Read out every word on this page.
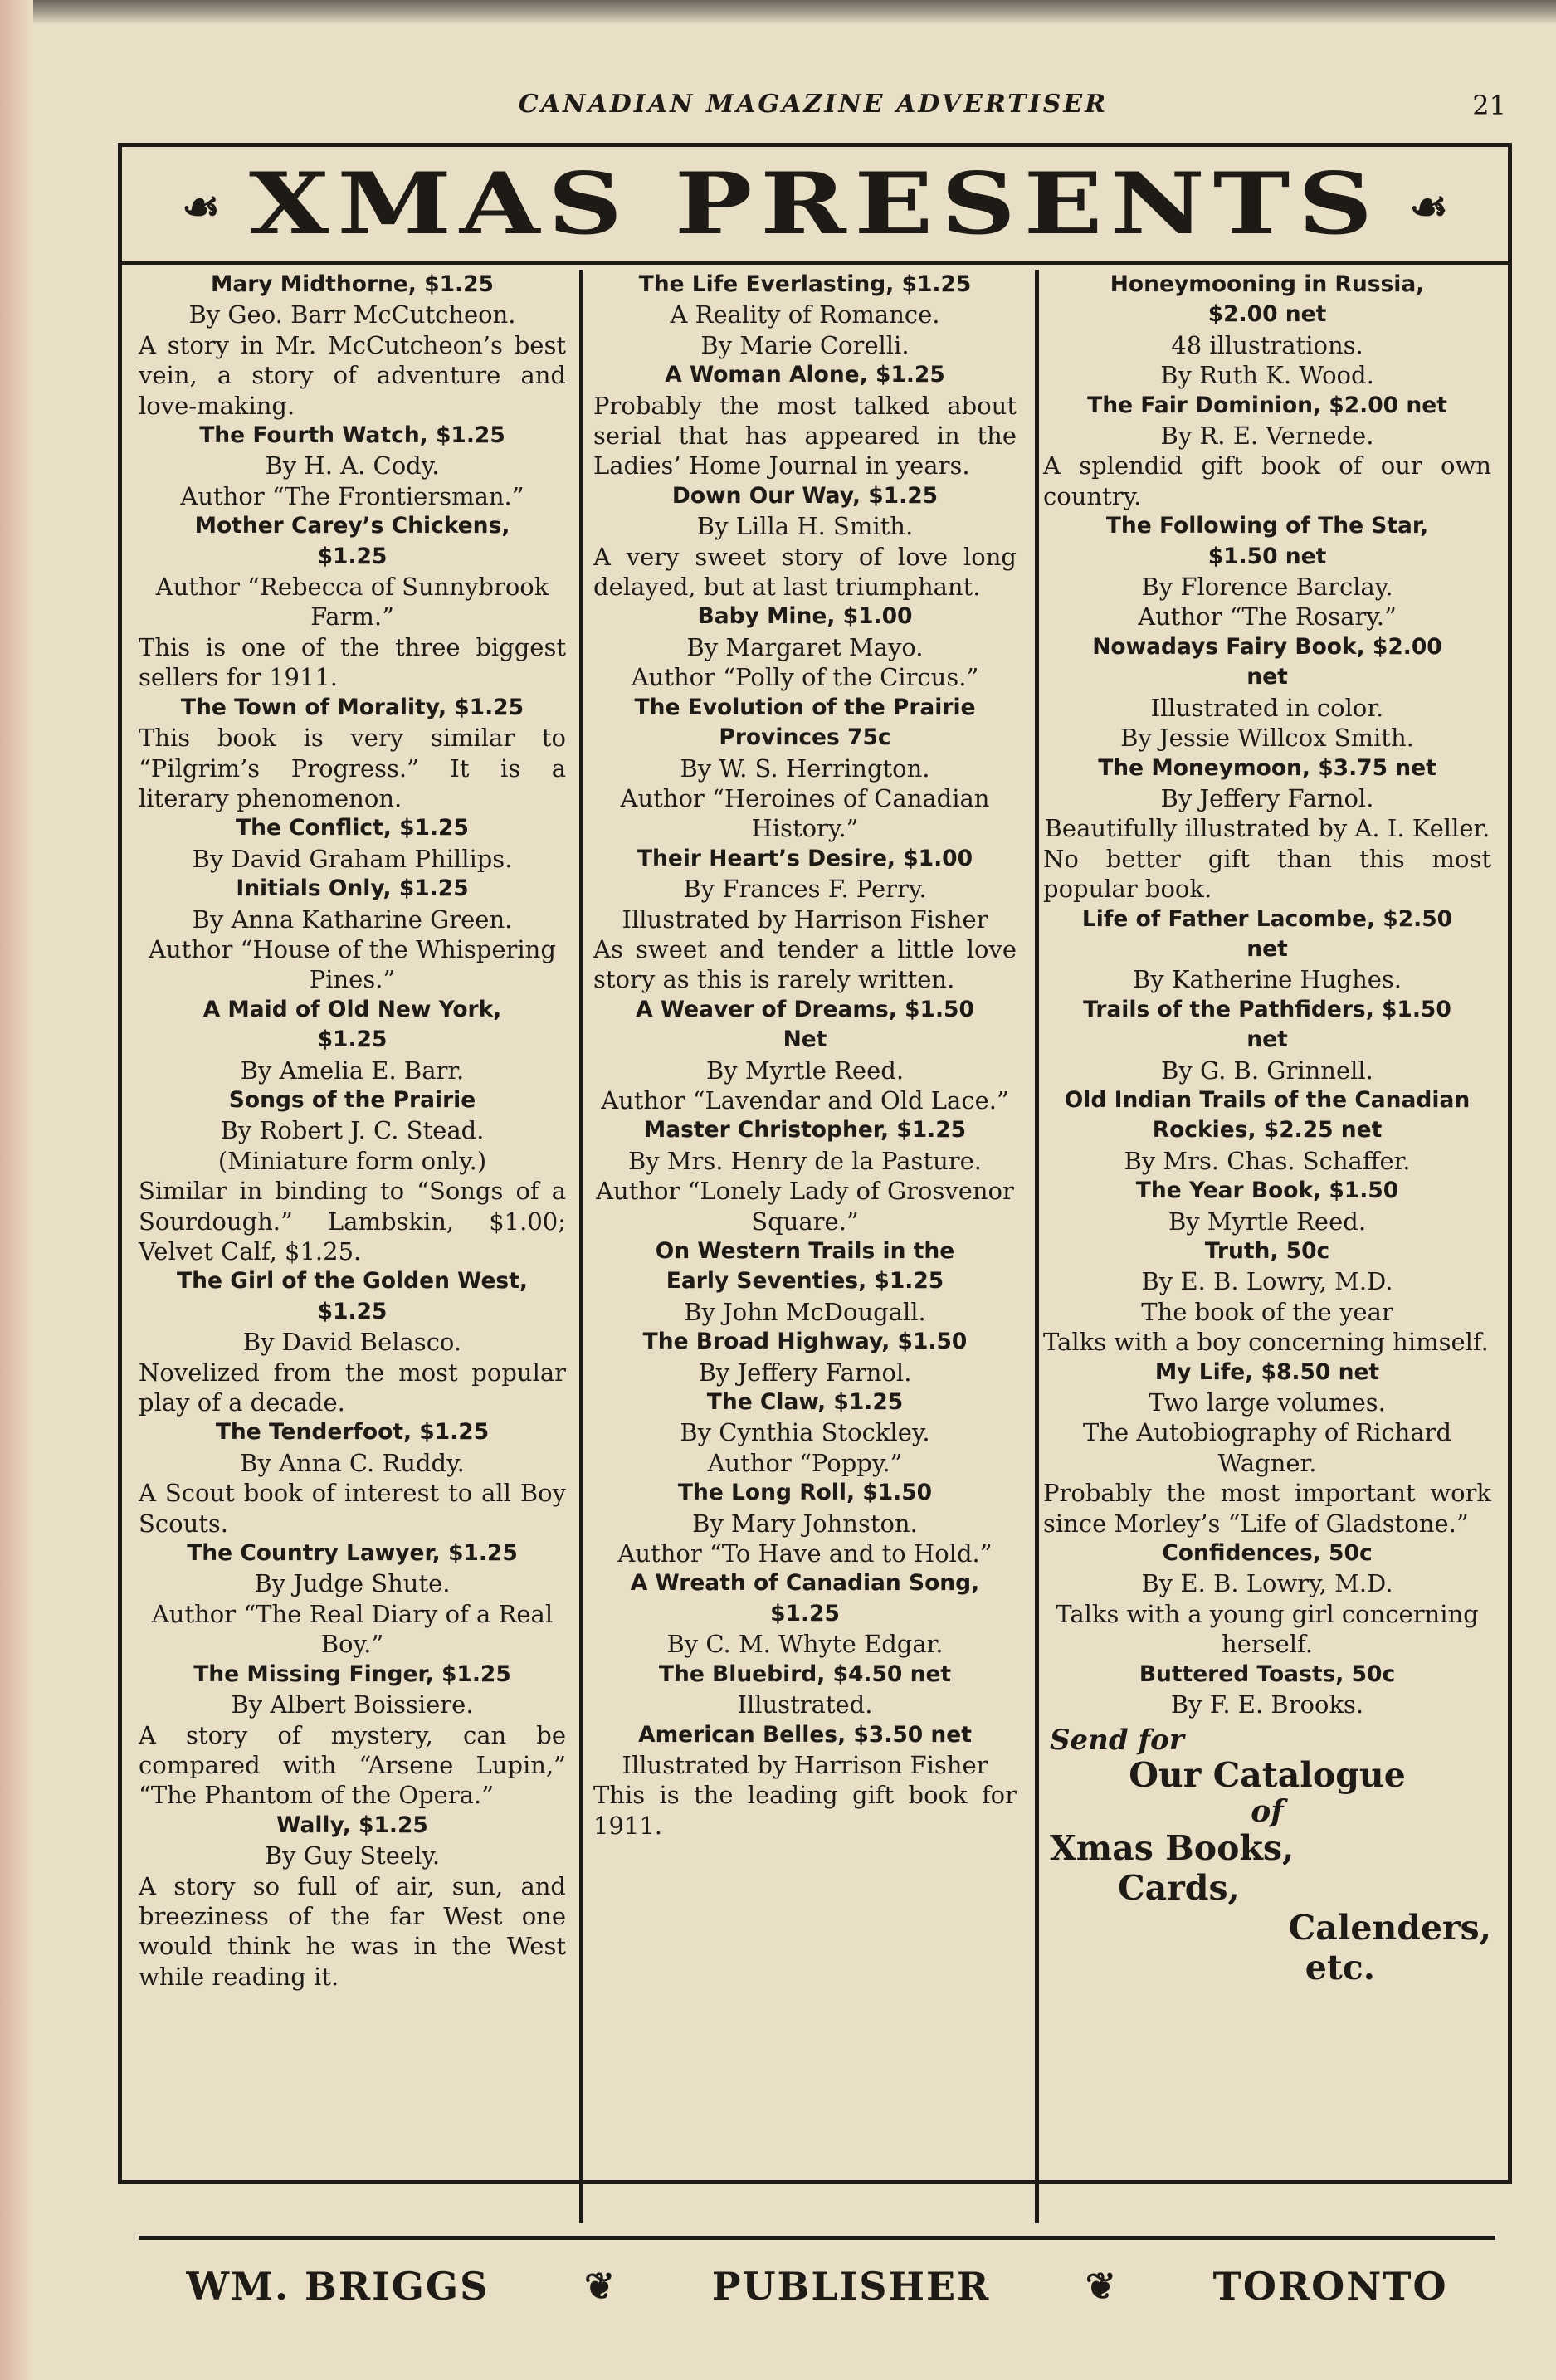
CANADIAN MAGAZINE ADVERTISER	21
☙ XMAS PRESENTS ☙
Mary Midthorne, $1.25
By Geo. Barr McCutcheon.
A story in Mr. McCutcheon’s best vein, a story of adventure and love-making.
The Fourth Watch, $1.25
By H. A. Cody.
Author “The Frontiersman.”
Mother Carey’s Chickens,
$1.25
Author “Rebecca of Sunnybrook Farm.”
This is one of the three biggest sellers for 1911.
The Town of Morality, $1.25
This book is very similar to “Pilgrim’s Progress.” It is a literary phenomenon.
The Conflict, $1.25
By David Graham Phillips.
Initials Only, $1.25
By Anna Katharine Green.
Author “House of the Whispering Pines.”
A Maid of Old New York,
$1.25
By Amelia E. Barr.
Songs of the Prairie
By Robert J. C. Stead.
(Miniature form only.)
Similar in binding to “Songs of a Sourdough.” Lambskin, $1.00; Velvet Calf, $1.25.
The Girl of the Golden West,
$1.25
By David Belasco.
Novelized from the most popular play of a decade.
The Tenderfoot, $1.25
By Anna C. Ruddy.
A Scout book of interest to all Boy Scouts.
The Country Lawyer, $1.25
By Judge Shute.
Author “The Real Diary of a Real Boy.”
The Missing Finger, $1.25
By Albert Boissiere.
A story of mystery, can be compared with “Arsene Lupin,” “The Phantom of the Opera.”
Wally, $1.25
By Guy Steely.
A story so full of air, sun, and breeziness of the far West one would think he was in the West while reading it.
The Life Everlasting, $1.25
A Reality of Romance.
By Marie Corelli.
A Woman Alone, $1.25
Probably the most talked about serial that has appeared in the Ladies’ Home Journal in years.
Down Our Way, $1.25
By Lilla H. Smith.
A very sweet story of love long delayed, but at last triumphant.
Baby Mine, $1.00
By Margaret Mayo.
Author “Polly of the Circus.”
The Evolution of the Prairie
Provinces 75c
By W. S. Herrington.
Author “Heroines of Canadian History.”
Their Heart’s Desire, $1.00
By Frances F. Perry.
Illustrated by Harrison Fisher
As sweet and tender a little love story as this is rarely written.
A Weaver of Dreams, $1.50
Net
By Myrtle Reed.
Author “Lavendar and Old Lace.”
Master Christopher, $1.25
By Mrs. Henry de la Pasture.
Author “Lonely Lady of Grosvenor Square.”
On Western Trails in the
Early Seventies, $1.25
By John McDougall.
The Broad Highway, $1.50
By Jeffery Farnol.
The Claw, $1.25
By Cynthia Stockley.
Author “Poppy.”
The Long Roll, $1.50
By Mary Johnston.
Author “To Have and to Hold.”
A Wreath of Canadian Song,
$1.25
By C. M. Whyte Edgar.
The Bluebird, $4.50 net
Illustrated.
American Belles, $3.50 net
Illustrated by Harrison Fisher
This is the leading gift book for 1911.
Honeymooning in Russia,
$2.00 net
48 illustrations.
By Ruth K. Wood.
The Fair Dominion, $2.00 net
By R. E. Vernede.
A splendid gift book of our own country.
The Following of The Star,
$1.50 net
By Florence Barclay.
Author “The Rosary.”
Nowadays Fairy Book, $2.00
net
Illustrated in color.
By Jessie Willcox Smith.
The Moneymoon, $3.75 net
By Jeffery Farnol.
Beautifully illustrated by A. I. Keller.
No better gift than this most popular book.
Life of Father Lacombe, $2.50
net
By Katherine Hughes.
Trails of the Pathfiders, $1.50
net
By G. B. Grinnell.
Old Indian Trails of the Canadian Rockies, $2.25 net
By Mrs. Chas. Schaffer.
The Year Book, $1.50
By Myrtle Reed.
Truth, 50c
By E. B. Lowry, M.D.
The book of the year
Talks with a boy concerning himself.
My Life, $8.50 net
Two large volumes.
The Autobiography of Richard Wagner.
Probably the most important work since Morley’s “Life of Gladstone.”
Confidences, 50c
By E. B. Lowry, M.D.
Talks with a young girl concerning herself.
Buttered Toasts, 50c
By F. E. Brooks.
Send for
Our Catalogue
of
Xmas Books,
Cards,
Calenders,
etc.
WM. BRIGGS	❦ PUBLISHER	❦ TORONTO
